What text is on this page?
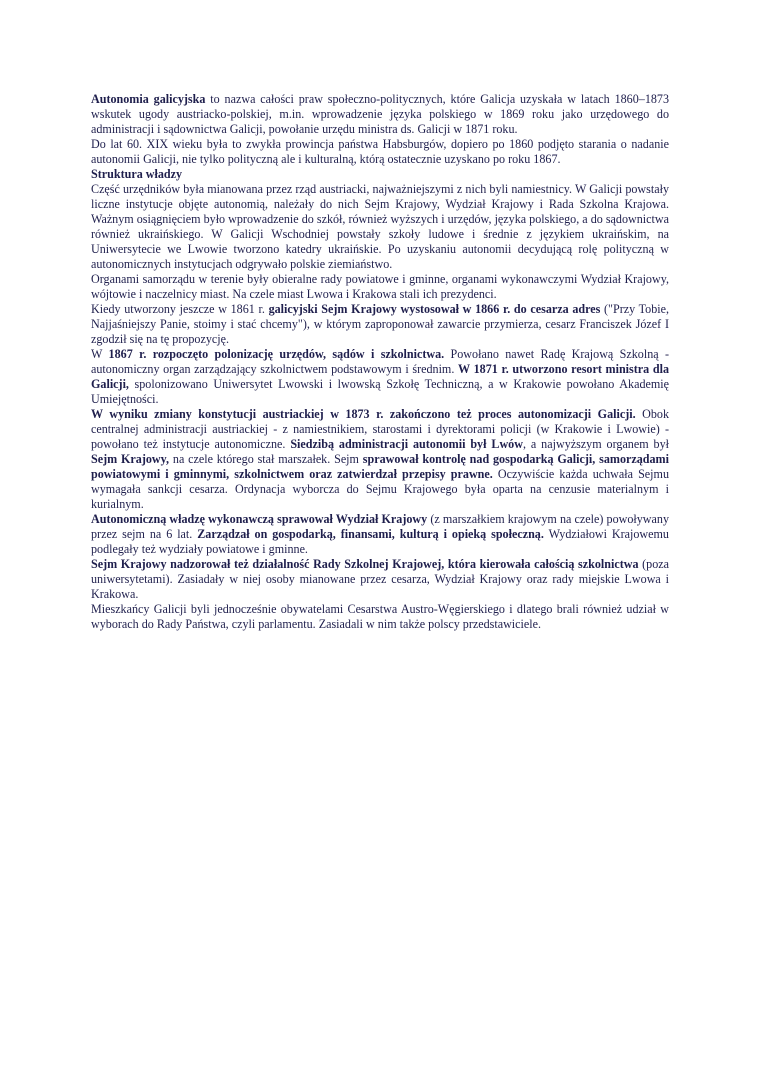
Autonomia galicyjska to nazwa całości praw społeczno-politycznych, które Galicja uzyskała w latach 1860–1873 wskutek ugody austriacko-polskiej, m.in. wprowadzenie języka polskiego w 1869 roku jako urzędowego do administracji i sądownictwa Galicji, powołanie urzędu ministra ds. Galicji w 1871 roku.

Do lat 60. XIX wieku była to zwykła prowincja państwa Habsburgów, dopiero po 1860 podjęto starania o nadanie autonomii Galicji, nie tylko polityczną ale i kulturalną, którą ostatecznie uzyskano po roku 1867.

Struktura władzy

Część urzędników była mianowana przez rząd austriacki, najważniejszymi z nich byli namiestnicy. W Galicji powstały liczne instytucje objęte autonomią, należały do nich Sejm Krajowy, Wydział Krajowy i Rada Szkolna Krajowa. Ważnym osiągnięciem było wprowadzenie do szkół, również wyższych i urzędów, języka polskiego, a do sądownictwa również ukraińskiego. W Galicji Wschodniej powstały szkoły ludowe i średnie z językiem ukraińskim, na Uniwersytecie we Lwowie tworzono katedry ukraińskie. Po uzyskaniu autonomii decydującą rolę polityczną w autonomicznych instytucjach odgrywało polskie ziemiaństwo.

Organami samorządu w terenie były obieralne rady powiatowe i gminne, organami wykonawczymi Wydział Krajowy, wójtowie i naczelnicy miast. Na czele miast Lwowa i Krakowa stali ich prezydenci.

Kiedy utworzony jeszcze w 1861 r. galicyjski Sejm Krajowy wystosował w 1866 r. do cesarza adres ("Przy Tobie, Najjaśniejszy Panie, stoimy i stać chcemy"), w którym zaproponował zawarcie przymierza, cesarz Franciszek Józef I zgodził się na tę propozycję.

W 1867 r. rozpoczęto polonizację urzędów, sądów i szkolnictwa. Powołano nawet Radę Krajową Szkolną - autonomiczny organ zarządzający szkolnictwem podstawowym i średnim. W 1871 r. utworzono resort ministra dla Galicji, spolonizowano Uniwersytet Lwowski i lwowską Szkołę Techniczną, a w Krakowie powołano Akademię Umiejętności.

W wyniku zmiany konstytucji austriackiej w 1873 r. zakończono też proces autonomizacji Galicji. Obok centralnej administracji austriackiej - z namiestnikiem, starostami i dyrektorami policji (w Krakowie i Lwowie) - powołano też instytucje autonomiczne. Siedzibą administracji autonomii był Lwów, a najwyższym organem był Sejm Krajowy, na czele którego stał marszałek. Sejm sprawował kontrolę nad gospodarką Galicji, samorządami powiatowymi i gminnymi, szkolnictwem oraz zatwierdzał przepisy prawne. Oczywiście każda uchwała Sejmu wymagała sankcji cesarza. Ordynacja wyborcza do Sejmu Krajowego była oparta na cenzusie materialnym i kurialnym.

Autonomiczną władzę wykonawczą sprawował Wydział Krajowy (z marszałkiem krajowym na czele) powoływany przez sejm na 6 lat. Zarządzał on gospodarką, finansami, kulturą i opieką społeczną. Wydziałowi Krajowemu podlegały też wydziały powiatowe i gminne.

Sejm Krajowy nadzorował też działalność Rady Szkolnej Krajowej, która kierowała całością szkolnictwa (poza uniwersytetami). Zasiadały w niej osoby mianowane przez cesarza, Wydział Krajowy oraz rady miejskie Lwowa i Krakowa.

Mieszkańcy Galicji byli jednocześnie obywatelami Cesarstwa Austro-Węgierskiego i dlatego brali również udział w wyborach do Rady Państwa, czyli parlamentu. Zasiadali w nim także polscy przedstawiciele.
